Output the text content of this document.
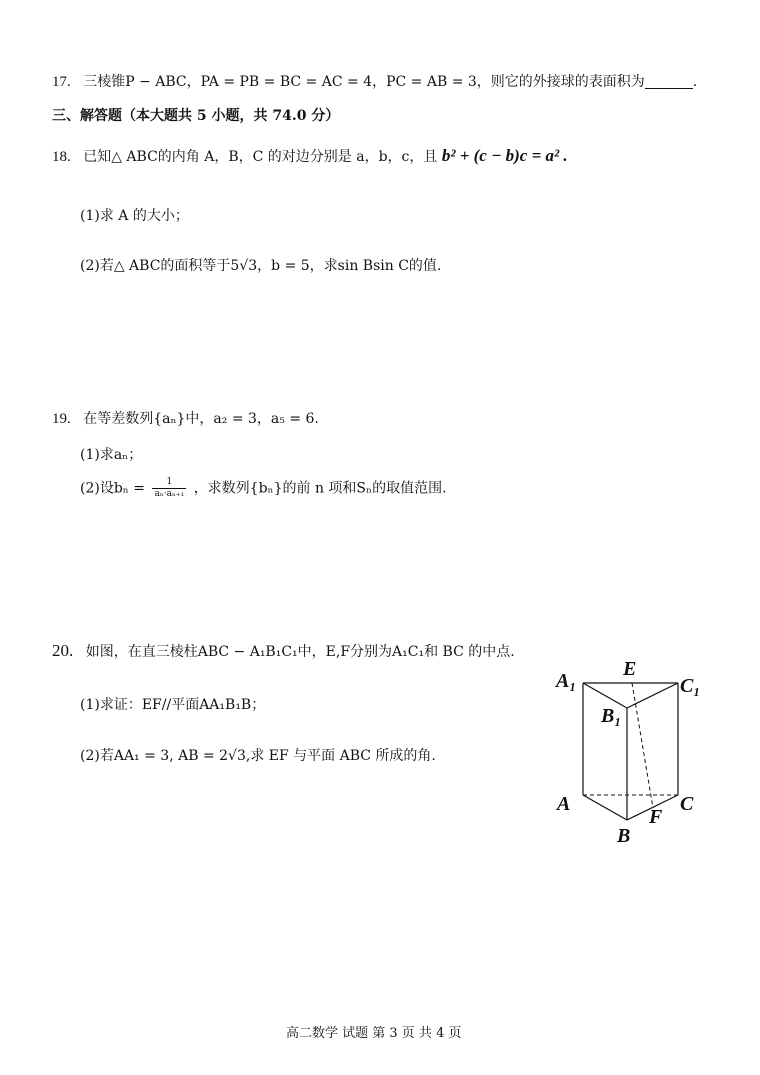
17. 三棱锥P − ABC，PA = PB = BC = AC = 4，PC = AB = 3，则它的外接球的表面积为	.
三、解答题（本大题共 5 小题，共 74.0 分）
18. 已知△ ABC的内角 A，B，C 的对边分别是 a，b，c，且 b² + (c − b)c = a² .
(1)求 A 的大小；
(2)若△ ABC的面积等于5√3，b = 5，求sin Bsin C的值.
19. 在等差数列{aₙ}中，a₂ = 3，a₅ = 6.
(1)求aₙ；
(2)设$b_n = \frac{1}{\text{aₙ·aₙ₊₁}}$ ，求数列{bₙ}的前 n 项和Sₙ的取值范围.
20. 如图，在直三棱柱ABC − A₁B₁C₁中，E,F分别为A₁C₁和 BC 的中点.
(1)求证：EF//平面AA₁B₁B；
(2)若AA₁ = 3, AB = 2√3,求 EF 与平面 ABC 所成的角.
A₁
E
C₁
B₁
A	C
F
B
高二数学 试题 第 3 页 共 4 页
